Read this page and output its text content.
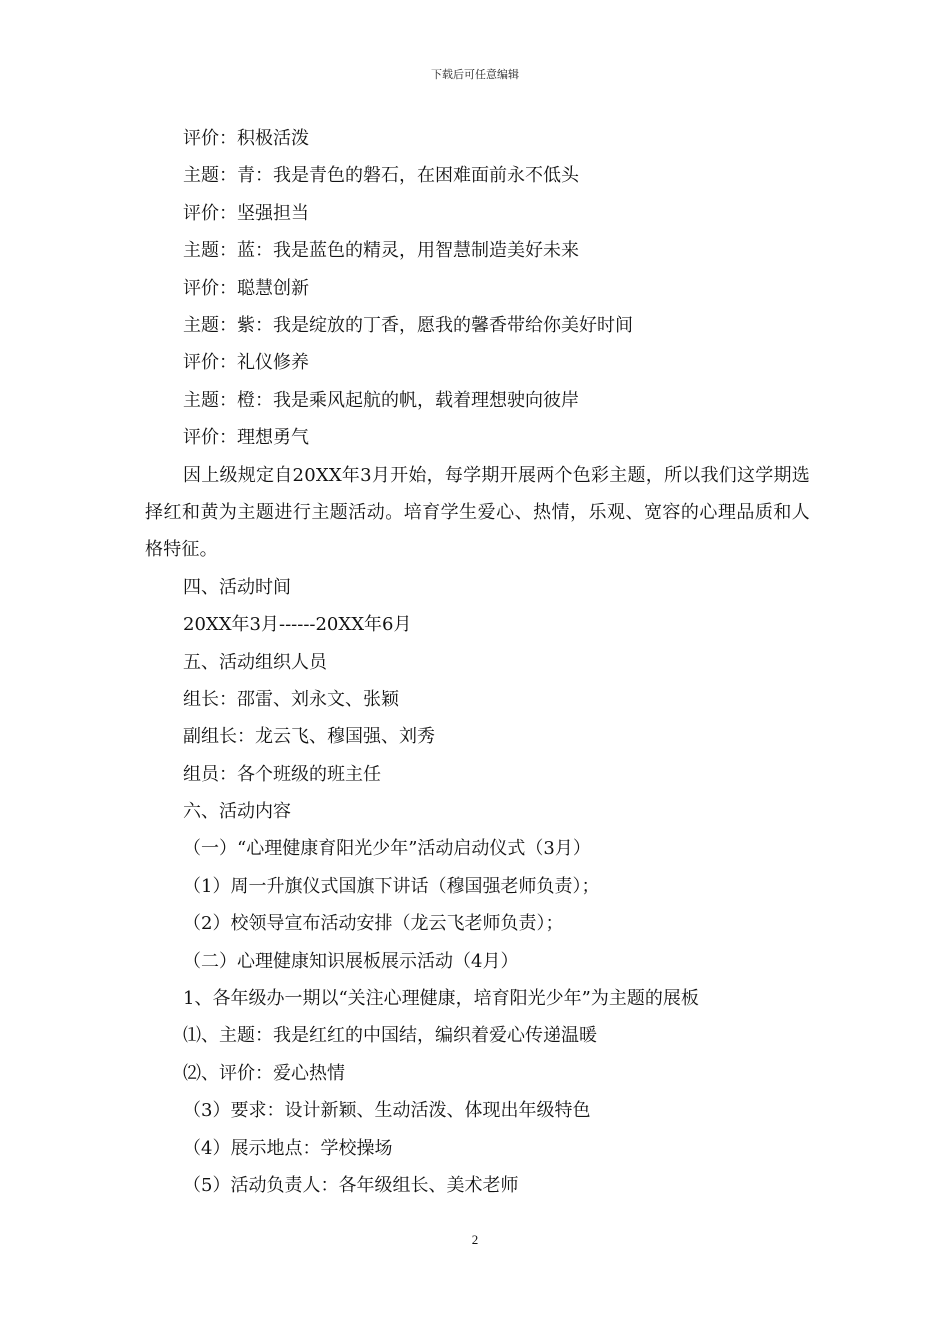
下载后可任意编辑
评价：积极活泼
主题：青：我是青色的磐石，在困难面前永不低头
评价：坚强担当
主题：蓝：我是蓝色的精灵，用智慧制造美好未来
评价：聪慧创新
主题：紫：我是绽放的丁香，愿我的馨香带给你美好时间
评价：礼仪修养
主题：橙：我是乘风起航的帆，载着理想驶向彼岸
评价：理想勇气
因上级规定自20XX年3月开始，每学期开展两个色彩主题，所以我们这学期选择红和黄为主题进行主题活动。培育学生爱心、热情，乐观、宽容的心理品质和人格特征。
四、活动时间
20XX年3月------20XX年6月
五、活动组织人员
组长：邵雷、刘永文、张颖
副组长：龙云飞、穆国强、刘秀
组员：各个班级的班主任
六、活动内容
（一）“心理健康育阳光少年”活动启动仪式（3月）
（1）周一升旗仪式国旗下讲话（穆国强老师负责）；
（2）校领导宣布活动安排（龙云飞老师负责）；
（二）心理健康知识展板展示活动（4月）
1、各年级办一期以“关注心理健康，培育阳光少年”为主题的展板
⑴、主题：我是红红的中国结，编织着爱心传递温暖
⑵、评价：爱心热情
（3）要求：设计新颖、生动活泼、体现出年级特色
（4）展示地点：学校操场
（5）活动负责人：各年级组长、美术老师
2
